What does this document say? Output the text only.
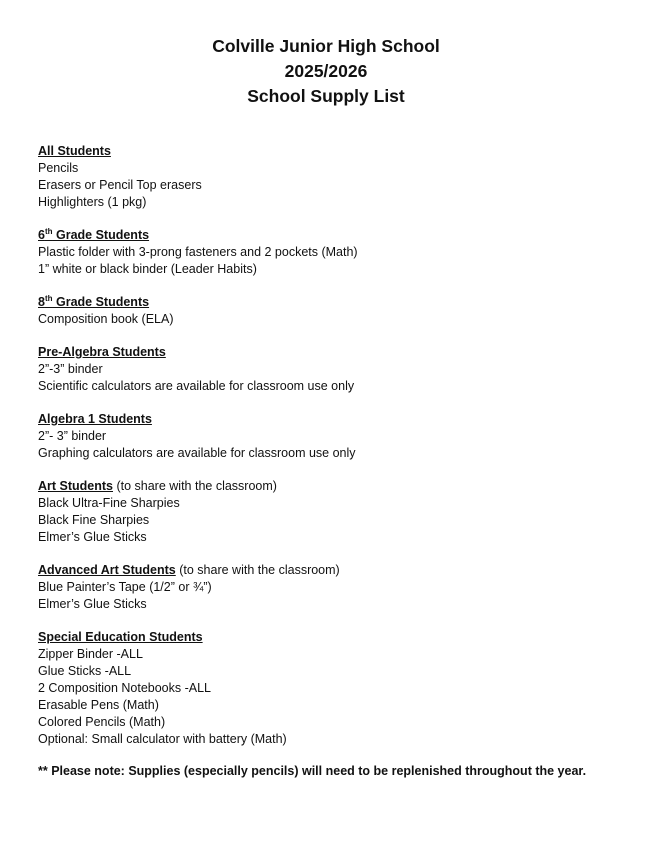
Colville Junior High School
2025/2026
School Supply List
All Students
Pencils
Erasers or Pencil Top erasers
Highlighters (1 pkg)
6th Grade Students
Plastic folder with 3-prong fasteners and 2 pockets (Math)
1” white or black binder (Leader Habits)
8th Grade Students
Composition book (ELA)
Pre-Algebra Students
2”-3” binder
Scientific calculators are available for classroom use only
Algebra 1 Students
2”- 3” binder
Graphing calculators are available for classroom use only
Art Students (to share with the classroom)
Black Ultra-Fine Sharpies
Black Fine Sharpies
Elmer’s Glue Sticks
Advanced Art Students (to share with the classroom)
Blue Painter’s Tape (1/2” or ¾”)
Elmer’s Glue Sticks
Special Education Students
Zipper Binder -ALL
Glue Sticks -ALL
2 Composition Notebooks -ALL
Erasable Pens (Math)
Colored Pencils (Math)
Optional: Small calculator with battery (Math)
** Please note: Supplies (especially pencils) will need to be replenished throughout the year.
